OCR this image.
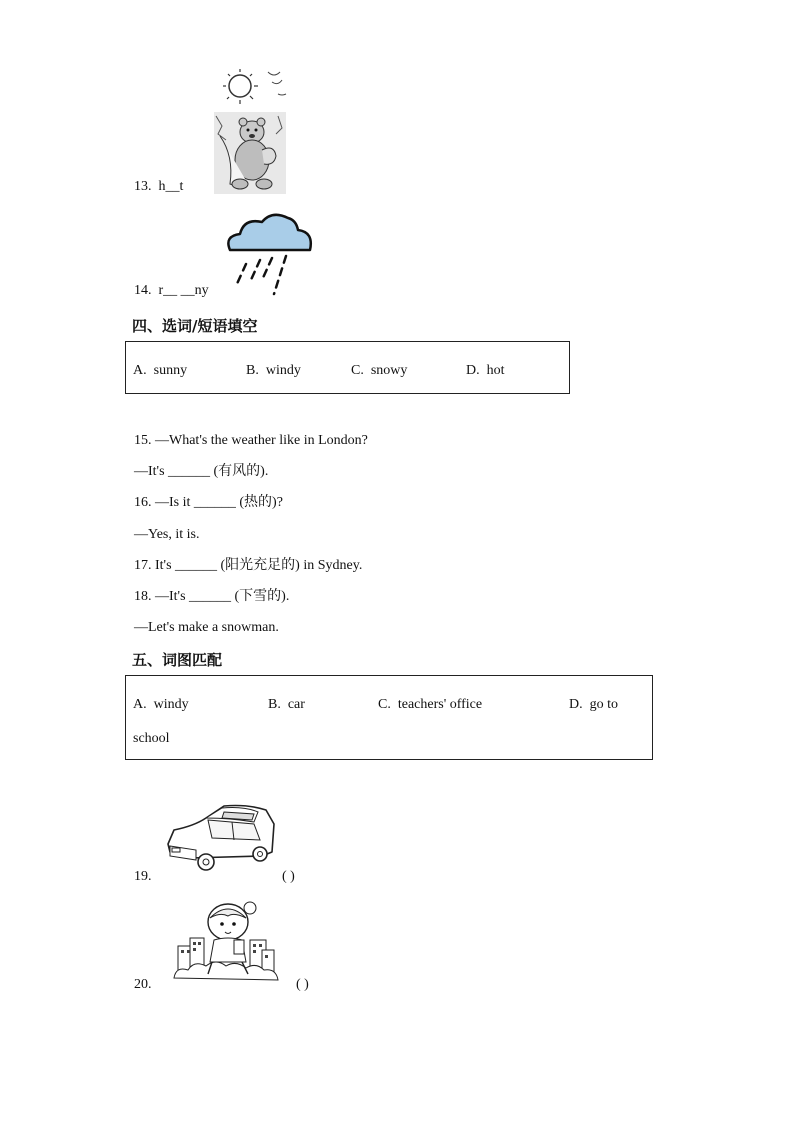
13. h__t
14. r__ __ny
四、选词/短语填空
A. sunny	B. windy	C. snowy	D. hot
15. —What's the weather like in London?
—It's ______ (有风的).
16. —Is it ______ (热的)?
—Yes, it is.
17. It's ______ (阳光充足的) in Sydney.
18. —It's ______ (下雪的).
—Let's make a snowman.
五、词图匹配
A. windy	B. car	C. teachers' office	D. go to
school
19.	( )
20.	( )
